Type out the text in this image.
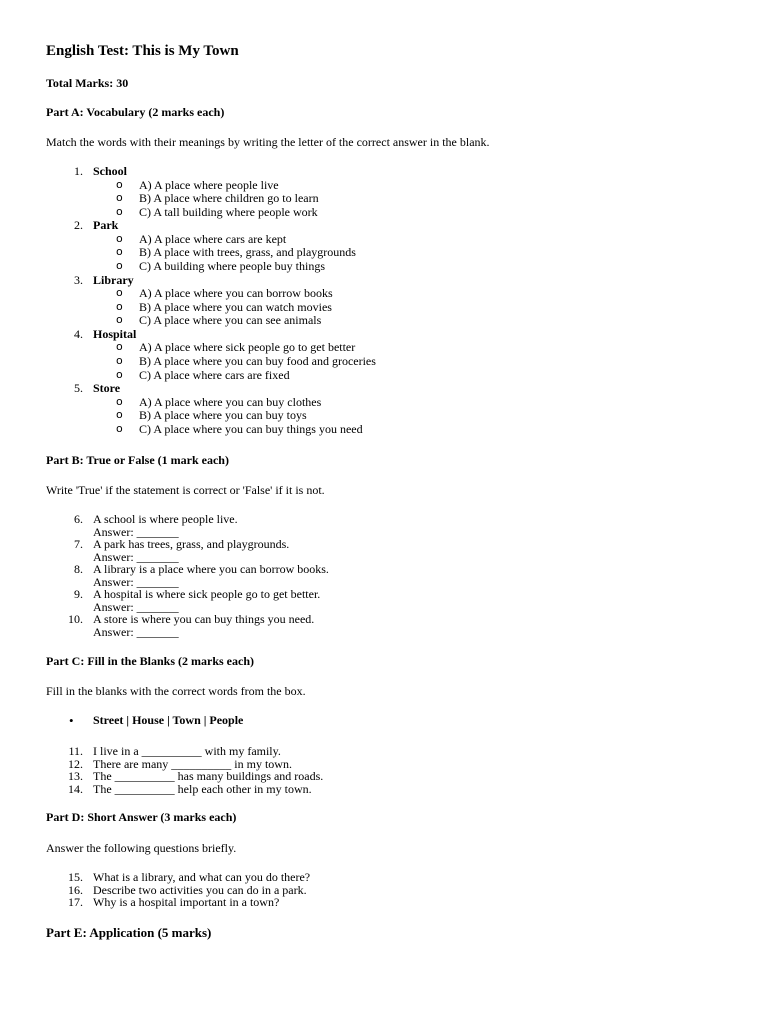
English Test: This is My Town
Total Marks: 30
Part A: Vocabulary (2 marks each)
Match the words with their meanings by writing the letter of the correct answer in the blank.
1. School
o A) A place where people live
o B) A place where children go to learn
o C) A tall building where people work
2. Park
o A) A place where cars are kept
o B) A place with trees, grass, and playgrounds
o C) A building where people buy things
3. Library
o A) A place where you can borrow books
o B) A place where you can watch movies
o C) A place where you can see animals
4. Hospital
o A) A place where sick people go to get better
o B) A place where you can buy food and groceries
o C) A place where cars are fixed
5. Store
o A) A place where you can buy clothes
o B) A place where you can buy toys
o C) A place where you can buy things you need
Part B: True or False (1 mark each)
Write 'True' if the statement is correct or 'False' if it is not.
6. A school is where people live.
Answer: _______
7. A park has trees, grass, and playgrounds.
Answer: _______
8. A library is a place where you can borrow books.
Answer: _______
9. A hospital is where sick people go to get better.
Answer: _______
10. A store is where you can buy things you need.
Answer: _______
Part C: Fill in the Blanks (2 marks each)
Fill in the blanks with the correct words from the box.
• Street | House | Town | People
11. I live in a __________ with my family.
12. There are many __________ in my town.
13. The __________ has many buildings and roads.
14. The __________ help each other in my town.
Part D: Short Answer (3 marks each)
Answer the following questions briefly.
15. What is a library, and what can you do there?
16. Describe two activities you can do in a park.
17. Why is a hospital important in a town?
Part E: Application (5 marks)
